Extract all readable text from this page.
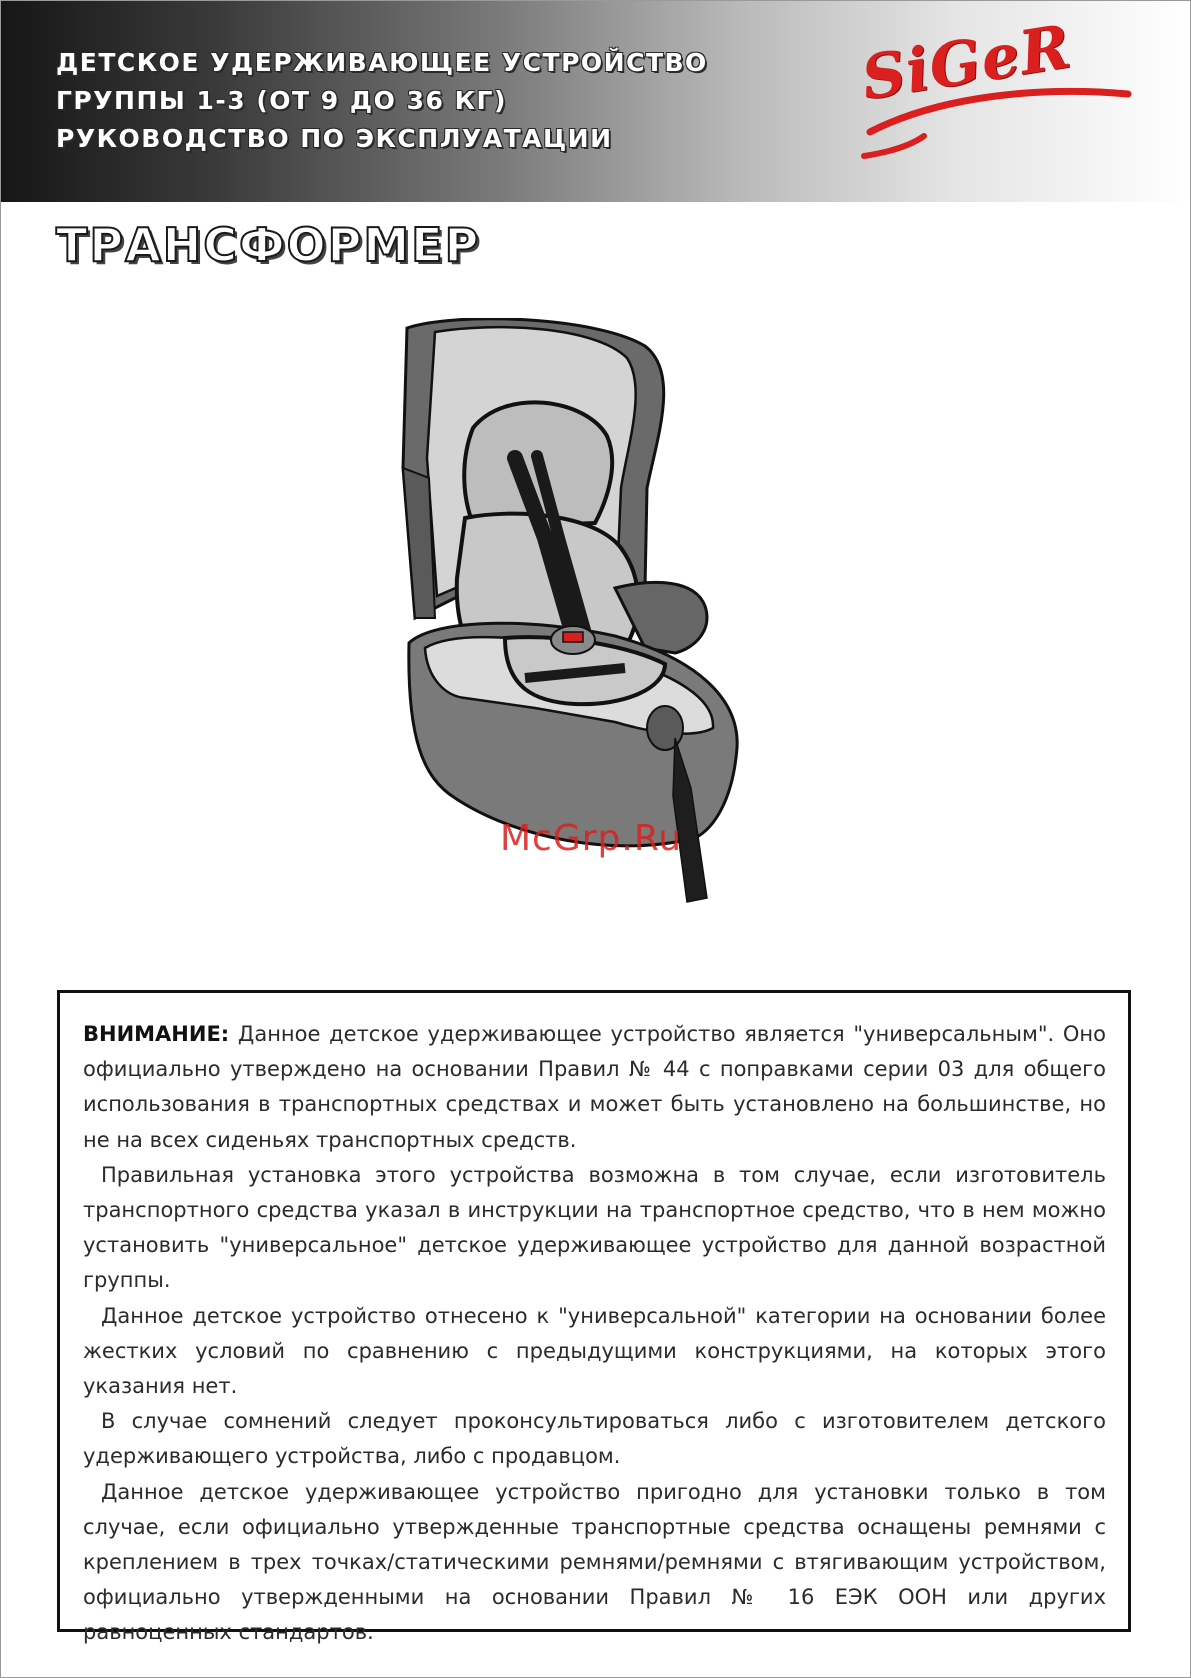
ДЕТСКОЕ УДЕРЖИВАЮЩЕЕ УСТРОЙСТВО
ГРУППЫ 1-3 (ОТ 9 ДО 36 КГ)
РУКОВОДСТВО ПО ЭКСПЛУАТАЦИИ
SiGeR
ТРАНСФОРМЕР
McGrp.Ru

ВНИМАНИЕ: Данное детское удерживающее устройство является "универсальным". Оно официально утверждено на основании Правил № 44 с поправками серии 03 для общего использования в транспортных средствах и может быть установлено на большинстве, но не на всех сиденьях транспортных средств.

Правильная установка этого устройства возможна в том случае, если изготовитель транспортного средства указал в инструкции на транспортное средство, что в нем можно установить "универсальное" детское удерживающее устройство для данной возрастной группы.

Данное детское устройство отнесено к "универсальной" категории на основании более жестких условий по сравнению с предыдущими конструкциями, на которых этого указания нет.

В случае сомнений следует проконсультироваться либо с изготовителем детского удерживающего устройства, либо с продавцом.

Данное детское удерживающее устройство пригодно для установки только в том случае, если официально утвержденные транспортные средства оснащены ремнями с креплением в трех точках/статическими ремнями/ремнями с втягивающим устройством, официально утвержденными на основании Правил № 16 ЕЭК ООН или других равноценных стандартов.
